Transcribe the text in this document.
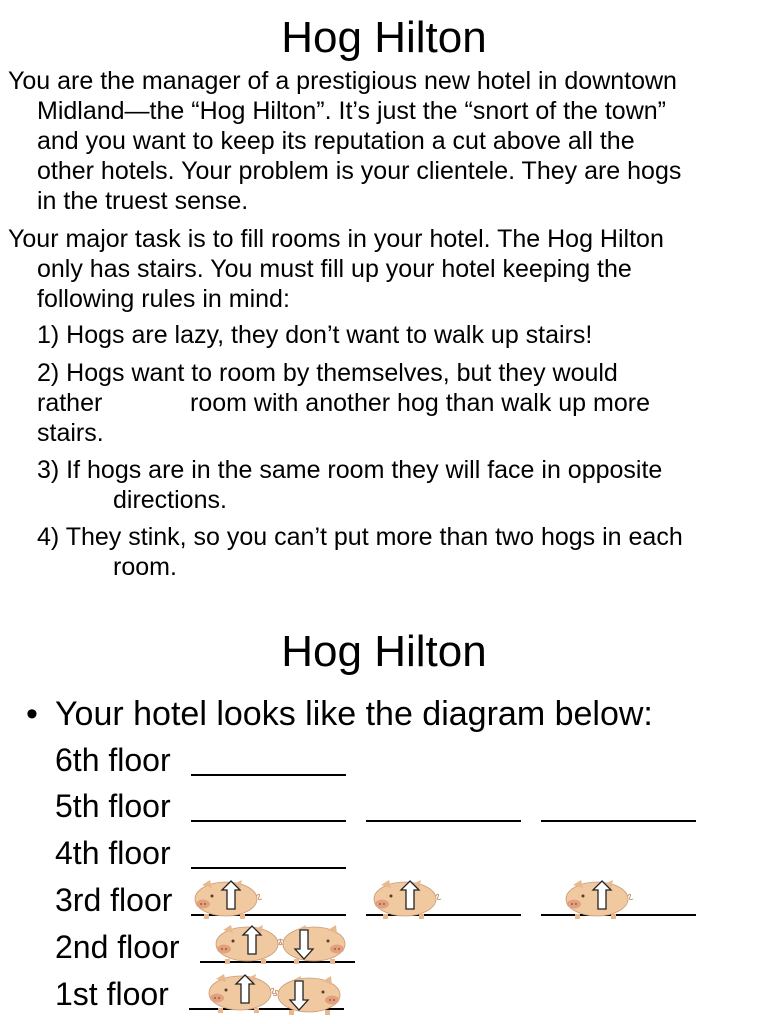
Hog Hilton
You are the manager of a prestigious new hotel in downtown
Midland—the “Hog Hilton”. It’s just the “snort of the town”
and you want to keep its reputation a cut above all the
other hotels. Your problem is your clientele. They are hogs
in the truest sense.
Your major task is to fill rooms in your hotel. The Hog Hilton
only has stairs. You must fill up your hotel keeping the
following rules in mind:
1) Hogs are lazy, they don’t want to walk up stairs!
2) Hogs want to room by themselves, but they would
rather	room with another hog than walk up more
stairs.
3) If hogs are in the same room they will face in opposite
directions.
4) They stink, so you can’t put more than two hogs in each
room.
Hog Hilton
• Your hotel looks like the diagram below:
6th floor
5th floor
4th floor
3rd floor
2nd floor
1st floor
